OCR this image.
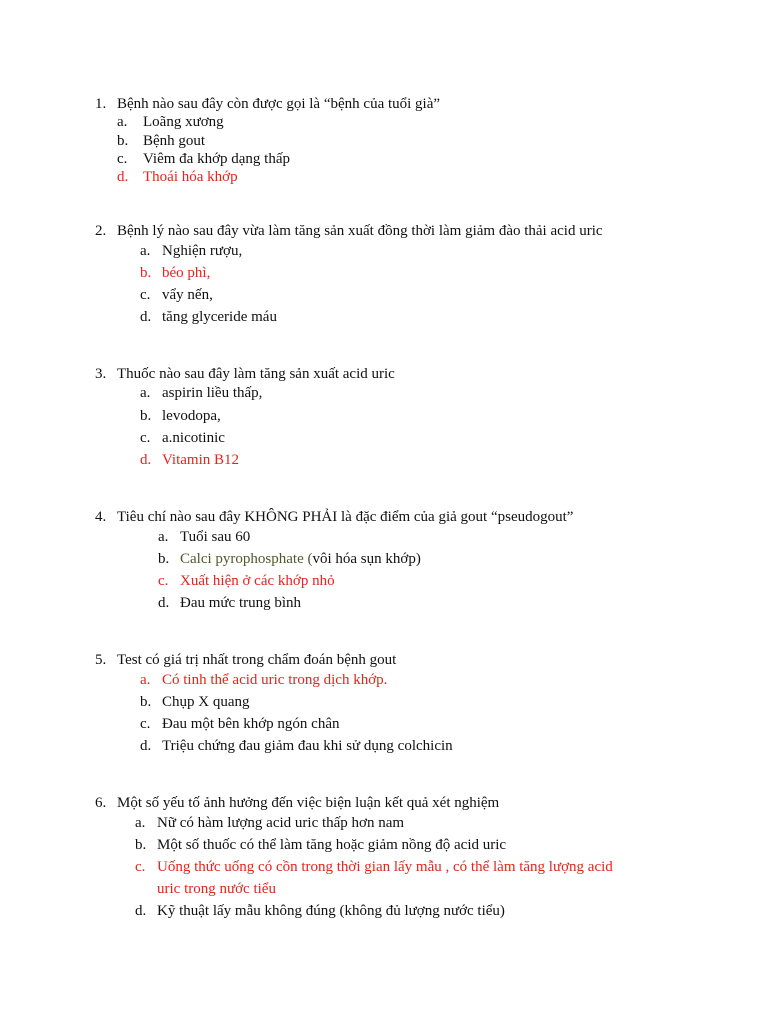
1. Bệnh nào sau đây còn được gọi là “bệnh của tuổi già”
a. Loãng xương
b. Bệnh gout
c. Viêm đa khớp dạng thấp
d. Thoái hóa khớp
2. Bệnh lý nào sau đây vừa làm tăng sản xuất đồng thời làm giảm đào thải acid uric
a. Nghiện rượu,
b. béo phì,
c. vẩy nến,
d. tăng glyceride máu
3. Thuốc nào sau đây làm tăng sản xuất acid uric
a. aspirin liều thấp,
b. levodopa,
c. a.nicotinic
d. Vitamin B12
4. Tiêu chí nào sau đây KHÔNG PHẢI là đặc điểm của giả gout “pseudogout”
a. Tuổi sau 60
b. Calci pyrophosphate (vôi hóa sụn khớp)
c. Xuất hiện ở các khớp nhỏ
d. Đau mức trung bình
5. Test có giá trị nhất trong chẩm đoán bệnh gout
a. Có tinh thể acid uric trong dịch khớp.
b. Chụp X quang
c. Đau một bên khớp ngón chân
d. Triệu chứng đau giảm đau khi sử dụng colchicin
6. Một số yếu tố ảnh hưởng đến việc biện luận kết quả xét nghiệm
a. Nữ có hàm lượng acid uric thấp hơn nam
b. Một số thuốc có thể làm tăng hoặc giảm nồng độ acid uric
c. Uống thức uống có cồn trong thời gian lấy mẫu , có thể làm tăng lượng acid
uric trong nước tiểu
d. Kỹ thuật lấy mẫu không đúng (không đủ lượng nước tiểu)
